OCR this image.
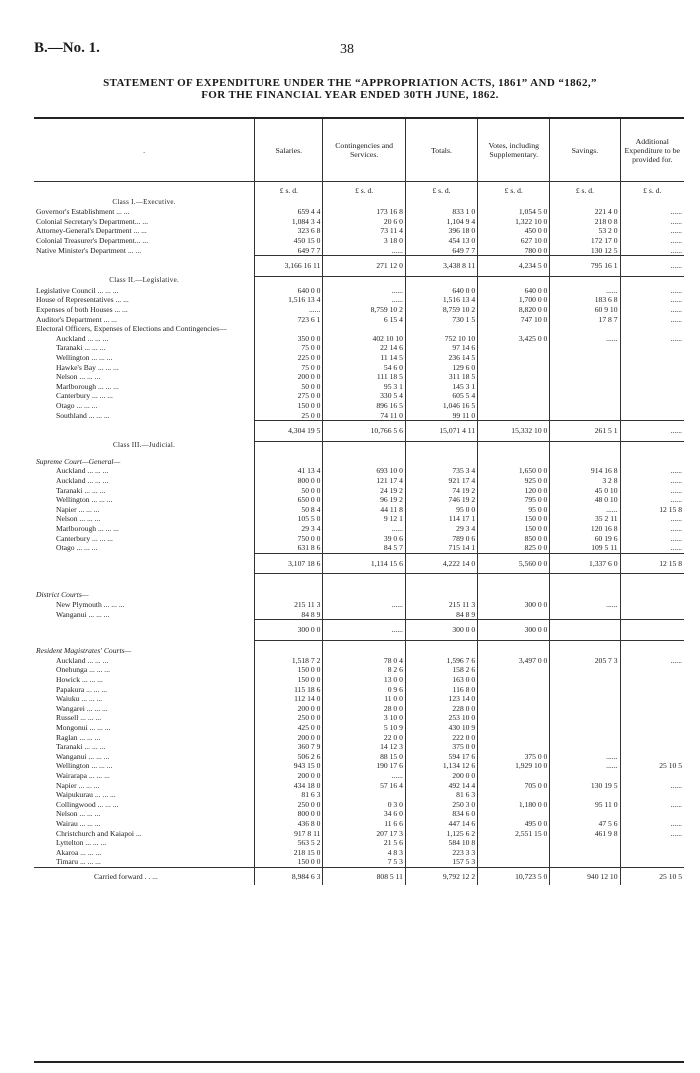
B.—No. 1.	38
STATEMENT OF EXPENDITURE UNDER THE “APPROPRIATION ACTS, 1861” AND “1862,”
FOR THE FINANCIAL YEAR ENDED 30TH JUNE, 1862.
.	Salaries.	Contingencies and Services.	Totals.	Votes, including Supplementary.	Savings.	Additional Expenditure to be provided for.
	£ s. d.	£ s. d.	£ s. d.	£ s. d.	£ s. d.	£ s. d.
Class I.—Executive.						
Governor's Establishment ... ...	659 4 4	173 16 8	833 1 0	1,054 5 0	221 4 0	......
Colonial Secretary's Department... ...	1,084 3 4	20 6 0	1,104 9 4	1,322 10 0	218 0 8	......
Attorney-General's Department ... ...	323 6 8	73 11 4	396 18 0	450 0 0	53 2 0	......
Colonial Treasurer's Department... ...	450 15 0	3 18 0	454 13 0	627 10 0	172 17 0	......
Native Minister's Department ... ...	649 7 7	......	649 7 7	780 0 0	130 12 5	......
	3,166 16 11	271 12 0	3,438 8 11	4,234 5 0	795 16 1	......
Class II.—Legislative.						
Legislative Council ... ... ...	640 0 0	......	640 0 0	640 0 0	......	......
House of Representatives ... ...	1,516 13 4	......	1,516 13 4	1,700 0 0	183 6 8	......
Expenses of both Houses ... ...	......	8,759 10 2	8,759 10 2	8,820 0 0	60 9 10	......
Auditor's Department ... ...	723 6 1	6 15 4	730 1 5	747 10 0	17 8 7	......
Electoral Officers, Expenses of Elections and Contingencies—						
Auckland ... ... ...	350 0 0	402 10 10	752 10 10	3,425 0 0	......	......
Taranaki ... ... ...	75 0 0	22 14 6	97 14 6			
Wellington ... ... ...	225 0 0	11 14 5	236 14 5			
Hawke's Bay ... ... ...	75 0 0	54 6 0	129 6 0			
Nelson ... ... ...	200 0 0	111 18 5	311 18 5			
Marlborough ... ... ...	50 0 0	95 3 1	145 3 1			
Canterbury ... ... ...	275 0 0	330 5 4	605 5 4			
Otago ... ... ...	150 0 0	896 16 5	1,046 16 5			
Southland ... ... ...	25 0 0	74 11 0	99 11 0			
	4,304 19 5	10,766 5 6	15,071 4 11	15,332 10 0	261 5 1	......
Class III.—Judicial.						
Supreme Court—General—						
Auckland ... ... ...	41 13 4	693 10 0	735 3 4	1,650 0 0	914 16 8	......
Auckland ... ... ...	800 0 0	121 17 4	921 17 4	925 0 0	3 2 8	......
Taranaki ... ... ...	50 0 0	24 19 2	74 19 2	120 0 0	45 0 10	......
Wellington ... ... ...	650 0 0	96 19 2	746 19 2	795 0 0	48 0 10	......
Napier ... ... ...	50 8 4	44 11 8	95 0 0	95 0 0	......	12 15 8
Nelson ... ... ...	105 5 0	9 12 1	114 17 1	150 0 0	35 2 11	......
Marlborough ... ... ...	29 3 4	......	29 3 4	150 0 0	120 16 8	......
Canterbury ... ... ...	750 0 0	39 0 6	789 0 6	850 0 0	60 19 6	......
Otago ... ... ...	631 8 6	84 5 7	715 14 1	825 0 0	109 5 11	......
	3,107 18 6	1,114 15 6	4,222 14 0	5,560 0 0	1,337 6 0	12 15 8

District Courts—						
New Plymouth ... ... ...	215 11 3	......	215 11 3	300 0 0	......	
Wanganui ... ... ...	84 8 9		84 8 9			
	300 0 0	......	300 0 0	300 0 0		
Resident Magistrates' Courts—						
Auckland ... ... ...	1,518 7 2	78 0 4	1,596 7 6	3,497 0 0	205 7 3	......
Onehunga ... ... ...	150 0 0	8 2 6	158 2 6			
Howick ... ... ...	150 0 0	13 0 0	163 0 0			
Papakura ... ... ...	115 18 6	0 9 6	116 8 0			
Waiuku ... ... ...	112 14 0	11 0 0	123 14 0			
Wangarei ... ... ...	200 0 0	28 0 0	228 0 0			
Russell ... ... ...	250 0 0	3 10 0	253 10 0			
Mongonui ... ... ...	425 0 0	5 10 9	430 10 9			
Raglan ... ... ...	200 0 0	22 0 0	222 0 0			
Taranaki ... ... ...	360 7 9	14 12 3	375 0 0			
Wanganui ... ... ...	506 2 6	88 15 0	594 17 6	375 0 0	......	
Wellington ... ... ...	943 15 0	190 17 6	1,134 12 6	1,929 10 0	......	25 10 5
Wairarapa ... ... ...	200 0 0	......	200 0 0			
Napier ... ... ...	434 18 0	57 16 4	492 14 4	705 0 0	130 19 5	......
Waipukurau ... ... ...	81 6 3		81 6 3			
Collingwood ... ... ...	250 0 0	0 3 0	250 3 0	1,180 0 0	95 11 0	......
Nelson ... ... ...	800 0 0	34 6 0	834 6 0			
Wairau ... ... ...	436 8 0	11 6 6	447 14 6	495 0 0	47 5 6	......
Christchurch and Kaiapoi ...	917 8 11	207 17 3	1,125 6 2	2,551 15 0	461 9 8	......
Lyttelton ... ... ...	563 5 2	21 5 6	584 10 8			
Akaroa ... ... ...	218 15 0	4 8 3	223 3 3			
Timaru ... ... ...	150 0 0	7 5 3	157 5 3			
Carried forward . . ...	8,984 6 3	808 5 11	9,792 12 2	10,723 5 0	940 12 10	25 10 5
